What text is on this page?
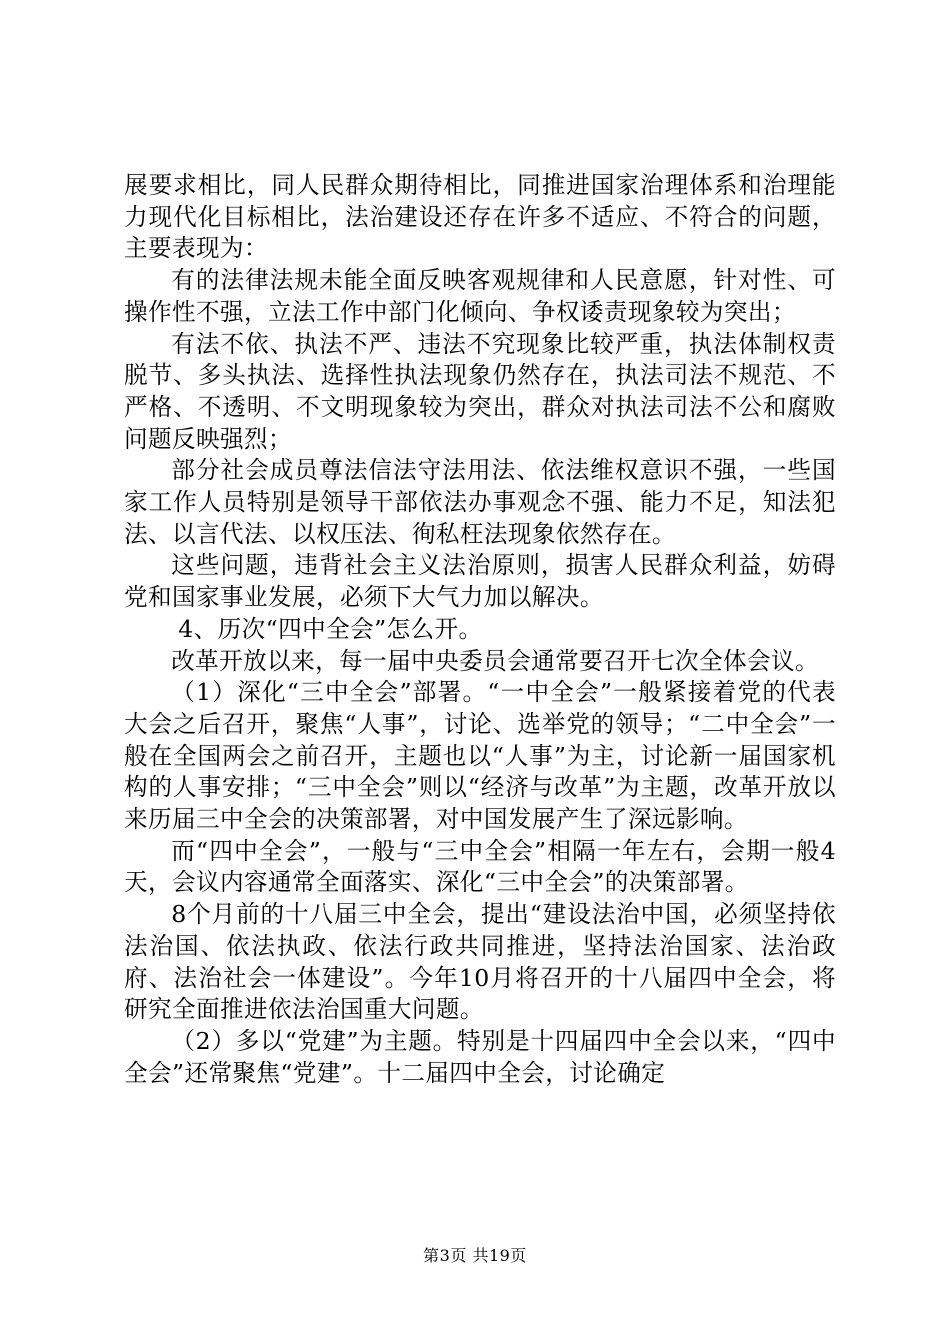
展要求相比，同人民群众期待相比，同推进国家治理体系和治理能力现代化目标相比，法治建设还存在许多不适应、不符合的问题，主要表现为：

有的法律法规未能全面反映客观规律和人民意愿，针对性、可操作性不强，立法工作中部门化倾向、争权诿责现象较为突出；

有法不依、执法不严、违法不究现象比较严重，执法体制权责脱节、多头执法、选择性执法现象仍然存在，执法司法不规范、不严格、不透明、不文明现象较为突出，群众对执法司法不公和腐败问题反映强烈；

部分社会成员尊法信法守法用法、依法维权意识不强，一些国家工作人员特别是领导干部依法办事观念不强、能力不足，知法犯法、以言代法、以权压法、徇私枉法现象依然存在。

这些问题，违背社会主义法治原则，损害人民群众利益，妨碍党和国家事业发展，必须下大气力加以解决。

4、历次“四中全会”怎么开。

改革开放以来，每一届中央委员会通常要召开七次全体会议。

（1）深化“三中全会”部署。“一中全会”一般紧接着党的代表大会之后召开，聚焦“人事”，讨论、选举党的领导；“二中全会”一般在全国两会之前召开，主题也以“人事”为主，讨论新一届国家机构的人事安排；“三中全会”则以“经济与改革”为主题，改革开放以来历届三中全会的决策部署，对中国发展产生了深远影响。

而“四中全会”，一般与“三中全会”相隔一年左右，会期一般4天，会议内容通常全面落实、深化“三中全会”的决策部署。

8个月前的十八届三中全会，提出“建设法治中国，必须坚持依法治国、依法执政、依法行政共同推进，坚持法治国家、法治政府、法治社会一体建设”。今年10月将召开的十八届四中全会，将研究全面推进依法治国重大问题。

（2）多以“党建”为主题。特别是十四届四中全会以来，“四中全会”还常聚焦“党建”。十二届四中全会，讨论确定

第3页 共19页
